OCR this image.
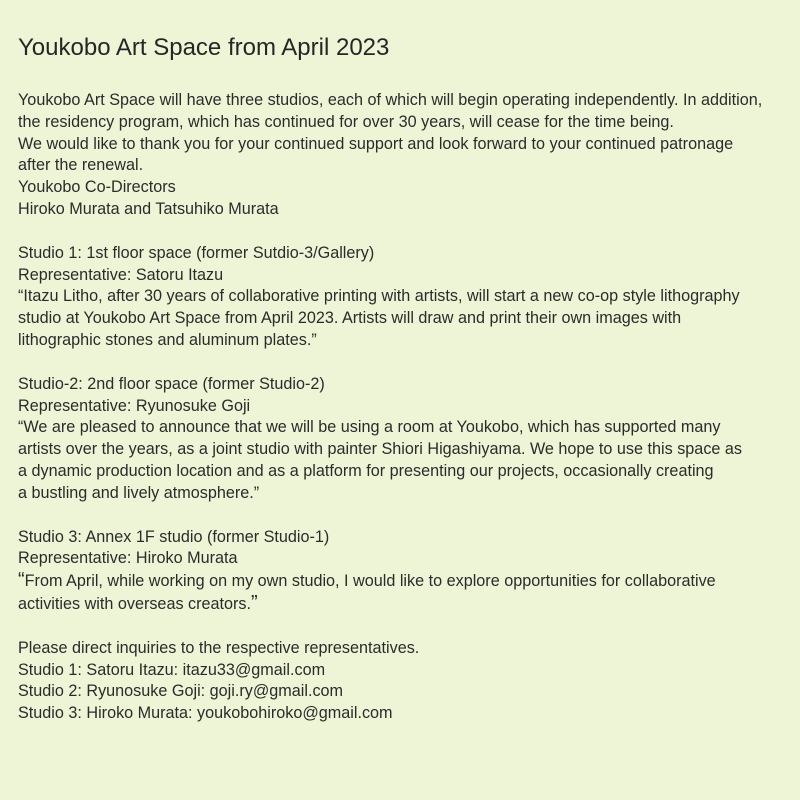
Youkobo Art Space from April 2023
Youkobo Art Space will have three studios, each of which will begin operating independently. In addition,
the residency program, which has continued for over 30 years, will cease for the time being.
We would like to thank you for your continued support and look forward to your continued patronage
after the renewal.
Youkobo Co-Directors
Hiroko Murata and Tatsuhiko Murata
Studio 1: 1st floor space (former Sutdio-3/Gallery)
Representative: Satoru Itazu
“Itazu Litho, after 30 years of collaborative printing with artists, will start a new co-op style lithography
studio at Youkobo Art Space from April 2023. Artists will draw and print their own images with
lithographic stones and aluminum plates.”
Studio-2: 2nd floor space (former Studio-2)
Representative: Ryunosuke Goji
“We are pleased to announce that we will be using a room at Youkobo, which has supported many
artists over the years, as a joint studio with painter Shiori Higashiyama. We hope to use this space as
a dynamic production location and as a platform for presenting our projects, occasionally creating
a bustling and lively atmosphere.”
Studio 3: Annex 1F studio (former Studio-1)
Representative: Hiroko Murata
“From April, while working on my own studio, I would like to explore opportunities for collaborative
activities with overseas creators.”
Please direct inquiries to the respective representatives.
Studio 1: Satoru Itazu: itazu33@gmail.com
Studio 2: Ryunosuke Goji: goji.ry@gmail.com
Studio 3: Hiroko Murata: youkobohiroko@gmail.com
